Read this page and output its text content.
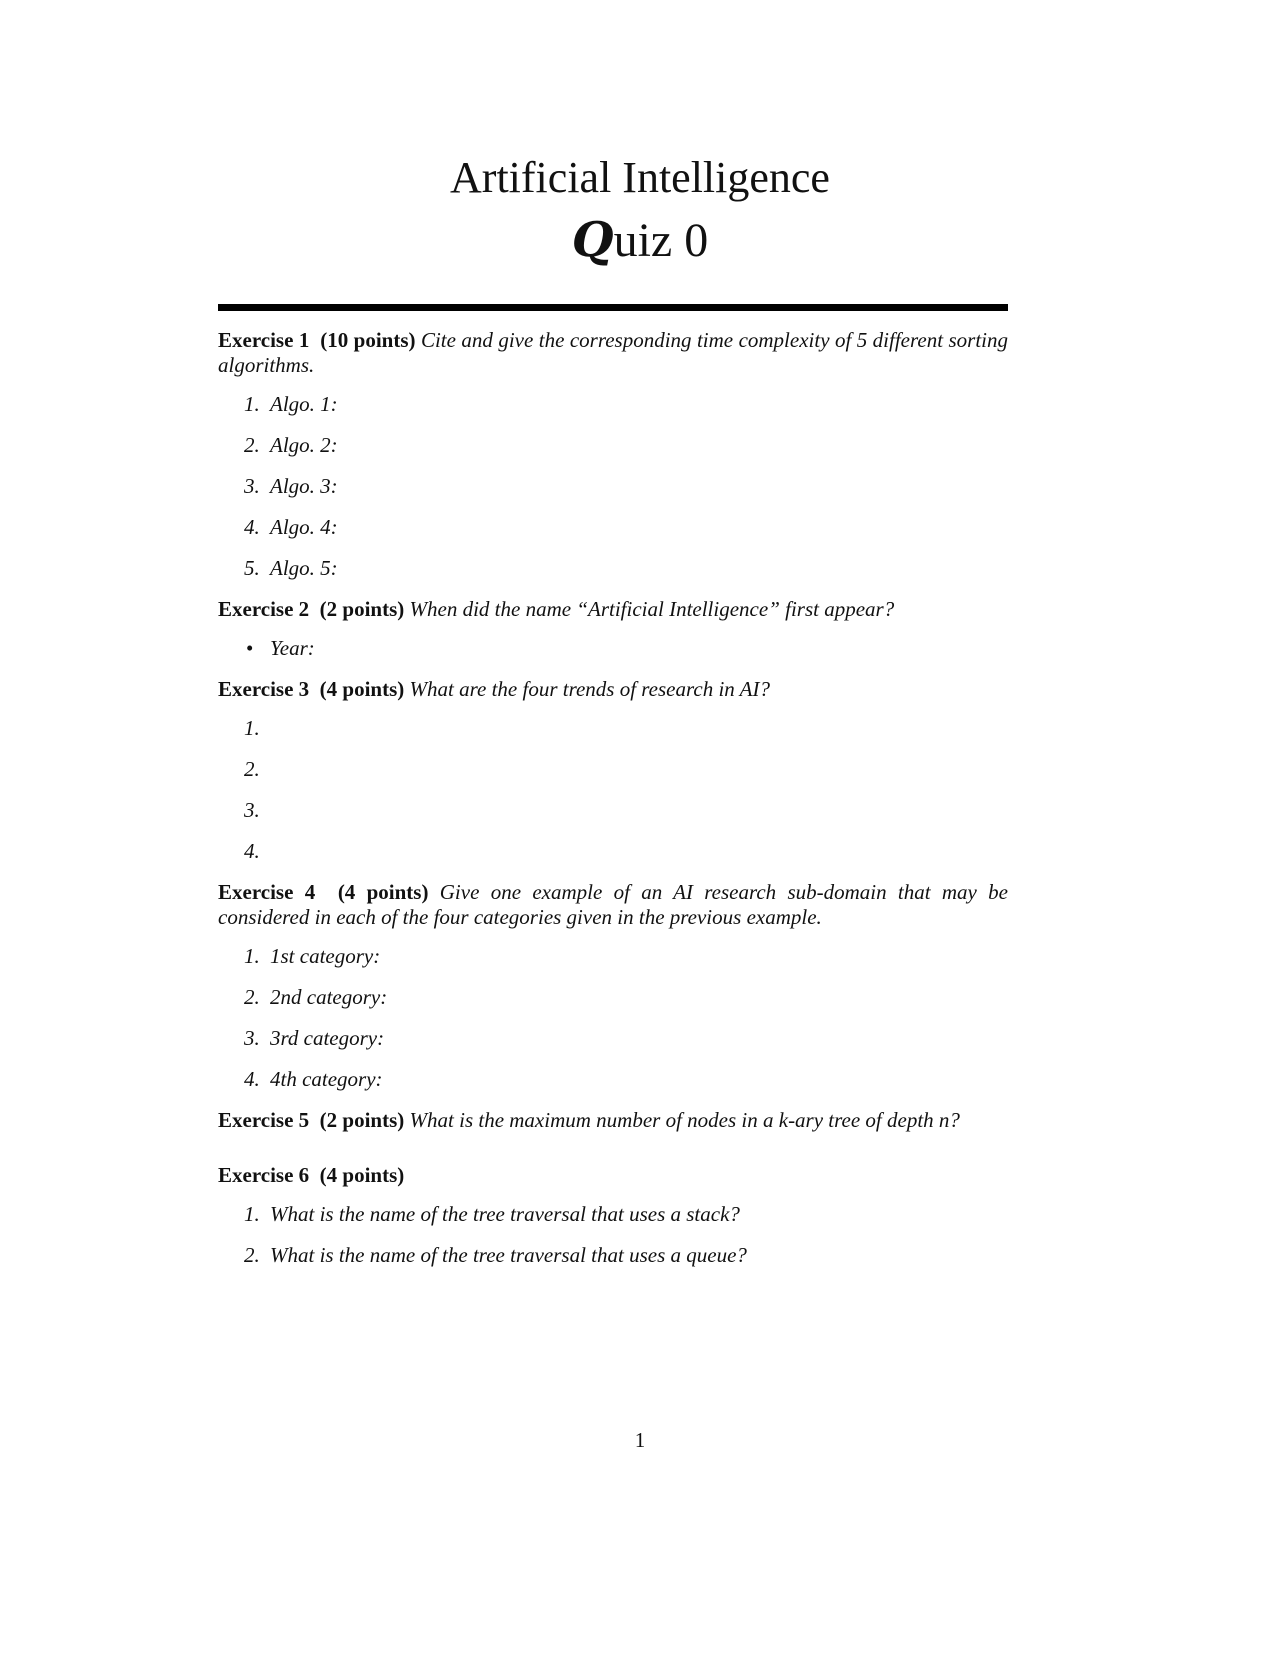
Artificial Intelligence
Quiz 0

Exercise 1 (10 points) Cite and give the corresponding time complexity of 5 different sorting algorithms.

1. Algo. 1:
2. Algo. 2:
3. Algo. 3:
4. Algo. 4:
5. Algo. 5:

Exercise 2 (2 points) When did the name “Artificial Intelligence” first appear?

• Year:

Exercise 3 (4 points) What are the four trends of research in AI?

1.
2.
3.
4.

Exercise 4 (4 points) Give one example of an AI research sub-domain that may be considered in each of the four categories given in the previous example.

1. 1st category:
2. 2nd category:
3. 3rd category:
4. 4th category:

Exercise 5 (2 points) What is the maximum number of nodes in a k-ary tree of depth n?

Exercise 6 (4 points)

1. What is the name of the tree traversal that uses a stack?
2. What is the name of the tree traversal that uses a queue?
1
